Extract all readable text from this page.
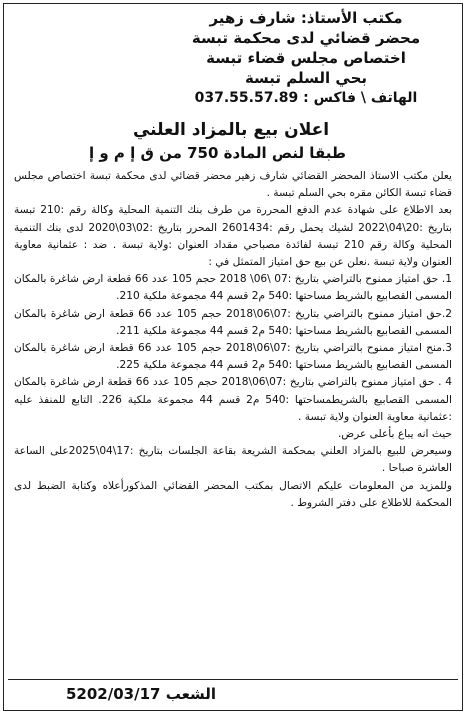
مكتب الأستاذ: شارف زهير
محضر قضائي لدى محكمة تبسة
اختصاص مجلس قضاء تبسة
بحي السلم تبسة
الهاتف \ فاكس : 037.55.57.89
اعلان بيع بالمزاد العلني
طبقا لنص المادة 750 من ق إ م و إ

يعلن مكتب الاستاذ المحضر القضائي شارف زهير محضر قضائي لدى محكمة تبسة اختصاص مجلس قضاء تبسة الكائن مقره بحي السلم تبسة .

بعد الاطلاع على شهادة عدم الدفع المحررة من طرف بنك التنمية المحلية وكالة رقم :210 تبسة بتاريخ :20\04\2022 لشيك يحمل رقم :2601434 المحرر بتاريخ :02\03\2020 لدى بنك التنمية المحلية وكالة رقم 210 تبسة لفائدة مصباحي مقداد العنوان :ولاية تبسة . ضد : عثمانية معاوية العنوان ولاية تبسة .نعلن عن بيع حق امتياز المتمثل في :

1. حق امتياز ممنوح بالتراضي بتاريخ :07 \06\ 2018 حجم 105 عدد 66 قطعة ارض شاغرة بالمكان المسمى القصابيع بالشريط مساحتها :540 م2 قسم 44 مجموعة ملكية 210.

2.حق امتياز ممنوح بالتراضي بتاريخ :07\06\2018 حجم 105 عدد 66 قطعة ارض شاغرة بالمكان المسمى القصابيع بالشريط مساحتها :540 م2 قسم 44 مجموعة ملكية 211.

3.منح امتياز ممنوح بالتراضي بتاريخ :07\06\2018 حجم 105 عدد 66 قطعة ارض شاغرة بالمكان المسمى القصابيع بالشريط مساحتها :540 م2 قسم 44 مجموعة ملكية 225.

4 . حق امتياز ممنوح بالتراضي بتاريخ :07\06\2018 حجم 105 عدد 66 قطعة ارض شاغرة بالمكان المسمى القصابيع بالشريطمساحتها :540 م2 قسم 44 مجموعة ملكية 226. التابع للمنفذ عليه :عثمانية معاوية العنوان ولاية تبسة .

حيث انه يباع بأعلى عرض.

وسيعرض للبيع بالمزاد العلني بمحكمة الشريعة بقاعة الجلسات بتاريخ :17\04\2025على الساعة العاشرة صباحا .

وللمزيد من المعلومات عليكم الاتصال بمكتب المحضر القضائي المذكورأعلاه وكتابة الضبط لدى المحكمة للاطلاع على دفتر الشروط .

الشعب 5202/03/17
